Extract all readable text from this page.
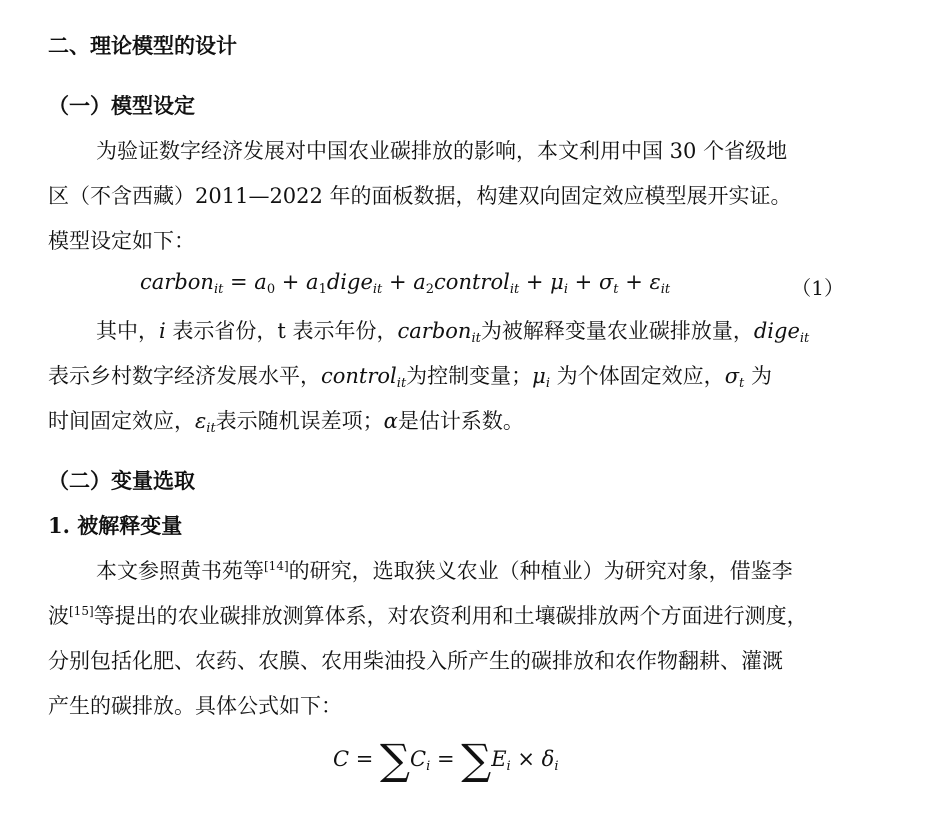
二、理论模型的设计
（一）模型设定
为验证数字经济发展对中国农业碳排放的影响，本文利用中国 30 个省级地
区（不含西藏）2011—2022 年的面板数据，构建双向固定效应模型展开实证。
模型设定如下：
carbon$_{it}$ = $a_0$ + $a_1dige_{it}$ + $a_2control_{it} + \mu_i + \sigma_t + \varepsilon_{it}$	（1）
其中，i 表示省份，t 表示年份，carbon$_{it}$为被解释变量农业碳排放量，dige$_{it}$
表示乡村数字经济发展水平，control$_{it}$为控制变量；$\mu_i$ 为个体固定效应，$\sigma_t$ 为
时间固定效应，$\varepsilon_{it}$表示随机误差项；α是估计系数。
（二）变量选取
1. 被解释变量
本文参照黄书苑等[14]的研究，选取狭义农业（种植业）为研究对象，借鉴李
波[15]等提出的农业碳排放测算体系，对农资利用和土壤碳排放两个方面进行测度，
分别包括化肥、农药、农膜、农用柴油投入所产生的碳排放和农作物翻耕、灌溉
产生的碳排放。具体公式如下：
$C = \sum C_i = \sum E_i \times \delta_i$
